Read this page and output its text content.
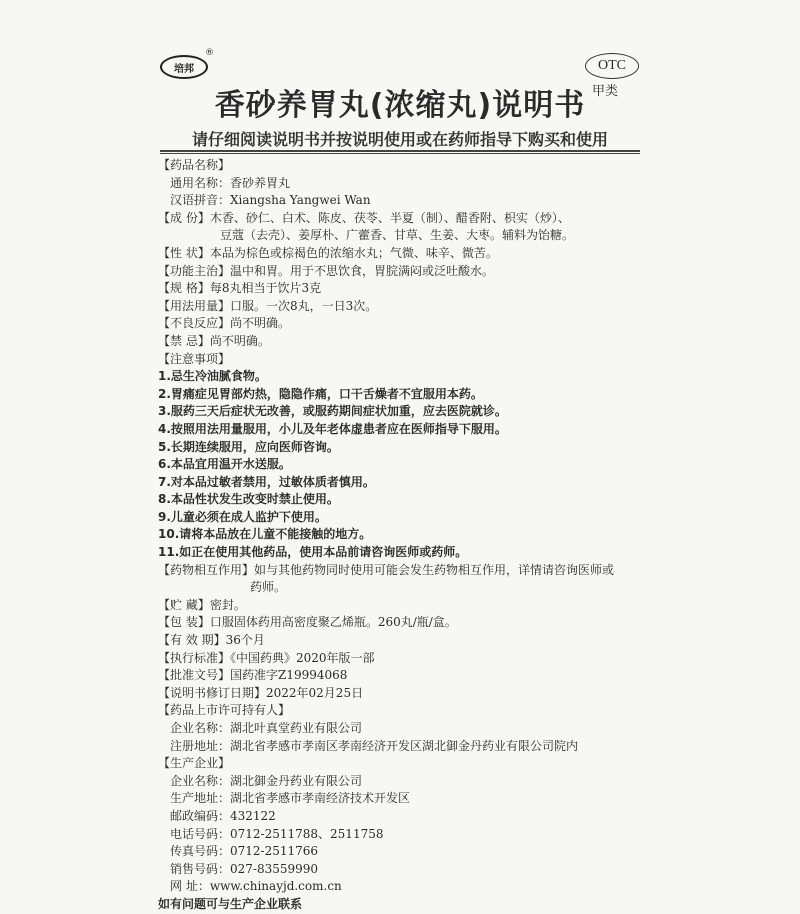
培邦
®
OTC
甲类
香砂养胃丸(浓缩丸)说明书
请仔细阅读说明书并按说明使用或在药师指导下购买和使用
【药品名称】
通用名称：香砂养胃丸
汉语拼音：Xiangsha Yangwei Wan
【成 份】木香、砂仁、白术、陈皮、茯苓、半夏（制）、醋香附、枳实（炒）、
豆蔻（去壳）、姜厚朴、广藿香、甘草、生姜、大枣。辅料为饴糖。
【性 状】本品为棕色或棕褐色的浓缩水丸；气微、味辛、微苦。
【功能主治】温中和胃。用于不思饮食，胃脘满闷或泛吐酸水。
【规 格】每8丸相当于饮片3克
【用法用量】口服。一次8丸，一日3次。
【不良反应】尚不明确。
【禁 忌】尚不明确。
【注意事项】
1.忌生冷油腻食物。
2.胃痛症见胃部灼热，隐隐作痛，口干舌燥者不宜服用本药。
3.服药三天后症状无改善，或服药期间症状加重，应去医院就诊。
4.按照用法用量服用，小儿及年老体虚患者应在医师指导下服用。
5.长期连续服用，应向医师咨询。
6.本品宜用温开水送服。
7.对本品过敏者禁用，过敏体质者慎用。
8.本品性状发生改变时禁止使用。
9.儿童必须在成人监护下使用。
10.请将本品放在儿童不能接触的地方。
11.如正在使用其他药品，使用本品前请咨询医师或药师。
【药物相互作用】如与其他药物同时使用可能会发生药物相互作用，详情请咨询医师或
药师。
【贮 藏】密封。
【包 装】口服固体药用高密度聚乙烯瓶。260丸/瓶/盒。
【有 效 期】36个月
【执行标准】《中国药典》2020年版一部
【批准文号】国药准字Z19994068
【说明书修订日期】2022年02月25日
【药品上市许可持有人】
企业名称：湖北叶真堂药业有限公司
注册地址：湖北省孝感市孝南区孝南经济开发区湖北御金丹药业有限公司院内
【生产企业】
企业名称：湖北御金丹药业有限公司
生产地址：湖北省孝感市孝南经济技术开发区
邮政编码：432122
电话号码：0712-2511788、2511758
传真号码：0712-2511766
销售号码：027-83559990
网 址：www.chinayjd.com.cn
如有问题可与生产企业联系
